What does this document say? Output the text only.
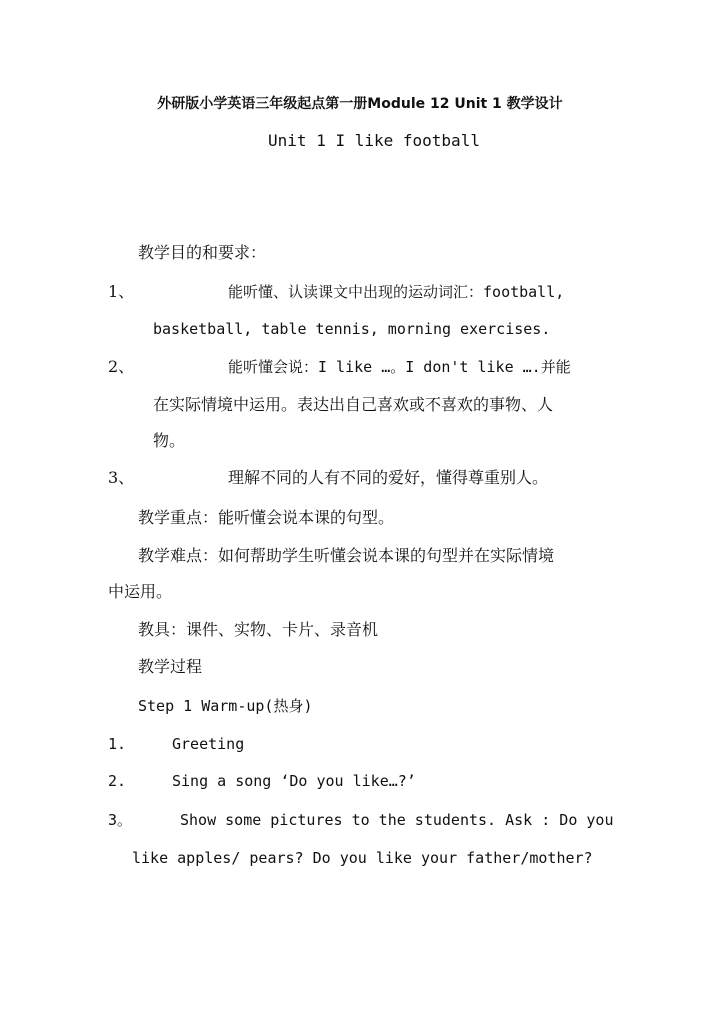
外研版小学英语三年级起点第一册Module 12 Unit 1 教学设计
Unit 1 I like football
教学目的和要求：
1、	能听懂、认读课文中出现的运动词汇：football,
basketball, table tennis, morning exercises.
2、	能听懂会说：I like …。I don't like ….并能
在实际情境中运用。表达出自己喜欢或不喜欢的事物、人
物。
3、	理解不同的人有不同的爱好，懂得尊重别人。
教学重点：能听懂会说本课的句型。
教学难点：如何帮助学生听懂会说本课的句型并在实际情境
中运用。
教具：课件、实物、卡片、录音机
教学过程
Step 1 Warm-up(热身)
1.	Greeting
2.	Sing a song ‘Do you like…?’
3。	Show some pictures to the students. Ask : Do you
like apples/ pears? Do you like your father/mother?
